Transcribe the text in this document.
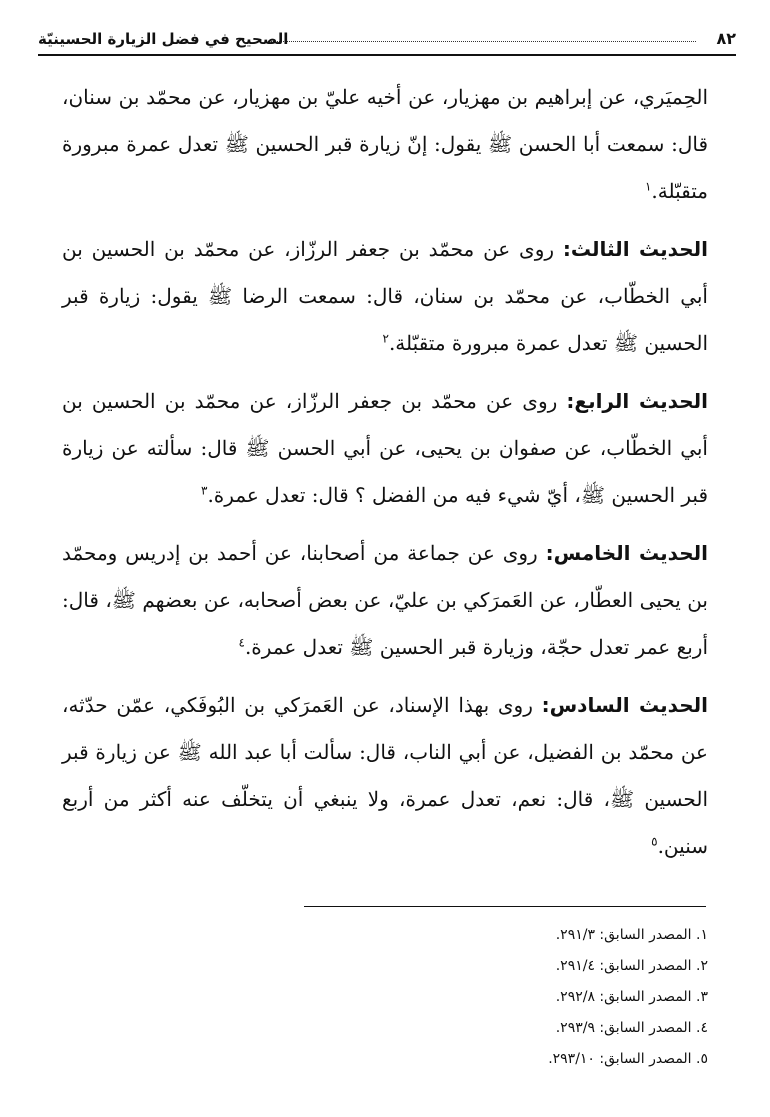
٨٢
الصحيح في فضل الزيارة الحسينيّة

الحِميَري، عن إبراهيم بن مهزيار، عن أخيه عليّ بن مهزيار، عن محمّد بن سنان، قال: سمعت أبا الحسن ﷺ يقول: إنّ زيارة قبر الحسين ﷺ تعدل عمرة مبرورة متقبّلة.$^١$

الحديث الثالث: روى عن محمّد بن جعفر الرزّاز، عن محمّد بن الحسين بن أبي الخطّاب، عن محمّد بن سنان، قال: سمعت الرضا ﷺ يقول: زيارة قبر الحسين ﷺ تعدل عمرة مبرورة متقبّلة.$^٢$

الحديث الرابع: روى عن محمّد بن جعفر الرزّاز، عن محمّد بن الحسين بن أبي الخطّاب، عن صفوان بن يحيى، عن أبي الحسن ﷺ قال: سألته عن زيارة قبر الحسين ﷺ، أيّ شيء فيه من الفضل ؟ قال: تعدل عمرة.$^٣$

الحديث الخامس: روى عن جماعة من أصحابنا، عن أحمد بن إدريس ومحمّد بن يحيى العطّار، عن العَمرَكي بن عليّ، عن بعض أصحابه، عن بعضهم ﷺ، قال: أربع عمر تعدل حجّة، وزيارة قبر الحسين ﷺ تعدل عمرة.$^٤$

الحديث السادس: روى بهذا الإسناد، عن العَمرَكي بن البُوفَكي، عمّن حدّثه، عن محمّد بن الفضيل، عن أبي الناب، قال: سألت أبا عبد الله ﷺ عن زيارة قبر الحسين ﷺ، قال: نعم، تعدل عمرة، ولا ينبغي أن يتخلّف عنه أكثر من أربع سنين.$^٥$

١. المصدر السابق: ٢٩١/٣.

٢. المصدر السابق: ٢٩١/٤.

٣. المصدر السابق: ٢٩٢/٨.

٤. المصدر السابق: ٢٩٣/٩.

٥. المصدر السابق: ٢٩٣/١٠.
